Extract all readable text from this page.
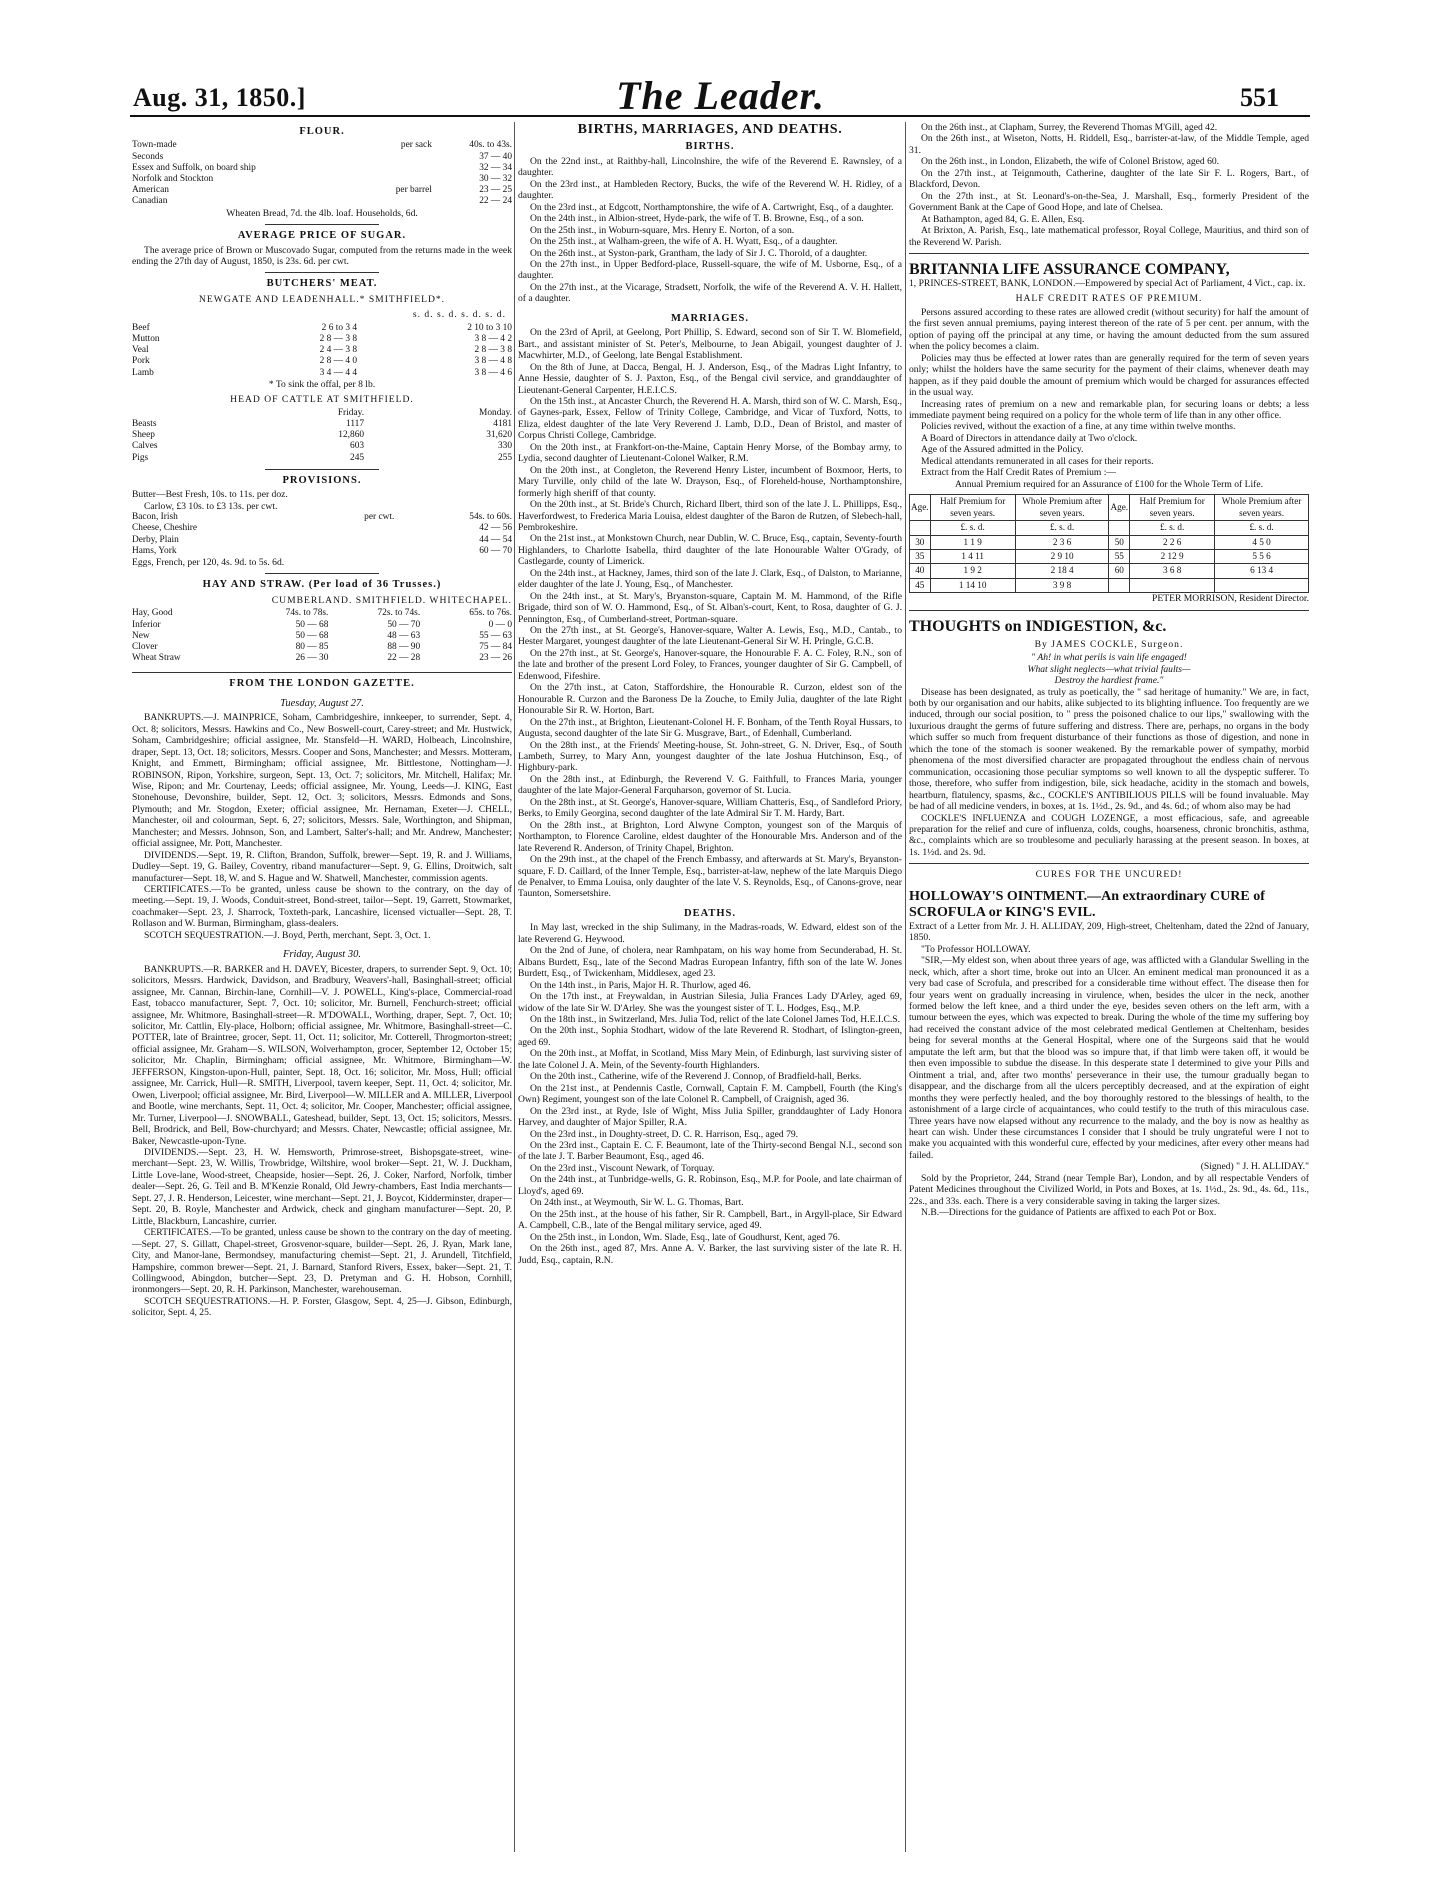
Aug. 31, 1850.]	The Leader.	551
FLOUR.
Town-made	per sack	40s. to 43s.
Seconds		37 — 40
Essex and Suffolk, on board ship		32 — 34
Norfolk and Stockton		30 — 32
American	per barrel	23 — 25
Canadian		22 — 24

Wheaten Bread, 7d. the 4lb. loaf. Households, 6d.

AVERAGE PRICE OF SUGAR.

The average price of Brown or Muscovado Sugar, computed from the returns made in the week ending the 27th day of August, 1850, is 23s. 6d. per cwt.

BUTCHERS' MEAT.
NEWGATE AND LEADENHALL.* SMITHFIELD*.
s. d. s. d. s. d. s. d.
Beef	2 6 to 3 4	2 10 to 3 10
Mutton	2 8 — 3 8	3 8 — 4 2
Veal	2 4 — 3 8	2 8 — 3 8
Pork	2 8 — 4 0	3 8 — 4 8
Lamb	3 4 — 4 4	3 8 — 4 6

* To sink the offal, per 8 lb.

HEAD OF CATTLE AT SMITHFIELD.
	Friday.	Monday.
Beasts	1117	4181
Sheep	12,860	31,620
Calves	603	330
Pigs	245	255
PROVISIONS.

Butter—Best Fresh, 10s. to 11s. per doz.

Carlow, £3 10s. to £3 13s. per cwt.

Bacon, Irish	per cwt.	54s. to 60s.
Cheese, Cheshire		42 — 56
Derby, Plain		44 — 54
Hams, York		60 — 70

Eggs, French, per 120, 4s. 9d. to 5s. 6d.

HAY AND STRAW. (Per load of 36 Trusses.)
CUMBERLAND. SMITHFIELD. WHITECHAPEL.
Hay, Good	74s. to 78s.	72s. to 74s.	65s. to 76s.
Inferior	50 — 68	50 — 70	0 — 0
New	50 — 68	48 — 63	55 — 63
Clover	80 — 85	88 — 90	75 — 84
Wheat Straw	26 — 30	22 — 28	23 — 26
FROM THE LONDON GAZETTE.
Tuesday, August 27.

BANKRUPTS.—J. MAINPRICE, Soham, Cambridgeshire, innkeeper, to surrender, Sept. 4, Oct. 8; solicitors, Messrs. Hawkins and Co., New Boswell-court, Carey-street; and Mr. Hustwick, Soham, Cambridgeshire; official assignee, Mr. Stansfeld—H. WARD, Holbeach, Lincolnshire, draper, Sept. 13, Oct. 18; solicitors, Messrs. Cooper and Sons, Manchester; and Messrs. Motteram, Knight, and Emmett, Birmingham; official assignee, Mr. Bittlestone, Nottingham—J. ROBINSON, Ripon, Yorkshire, surgeon, Sept. 13, Oct. 7; solicitors, Mr. Mitchell, Halifax; Mr. Wise, Ripon; and Mr. Courtenay, Leeds; official assignee, Mr. Young, Leeds—J. KING, East Stonehouse, Devonshire, builder, Sept. 12, Oct. 3; solicitors, Messrs. Edmonds and Sons, Plymouth; and Mr. Stogdon, Exeter; official assignee, Mr. Hernaman, Exeter—J. CHELL, Manchester, oil and colourman, Sept. 6, 27; solicitors, Messrs. Sale, Worthington, and Shipman, Manchester; and Messrs. Johnson, Son, and Lambert, Salter's-hall; and Mr. Andrew, Manchester; official assignee, Mr. Pott, Manchester.

DIVIDENDS.—Sept. 19, R. Clifton, Brandon, Suffolk, brewer—Sept. 19, R. and J. Williams, Dudley—Sept. 19, G. Bailey, Coventry, riband manufacturer—Sept. 9, G. Ellins, Droitwich, salt manufacturer—Sept. 18, W. and S. Hague and W. Shatwell, Manchester, commission agents.

CERTIFICATES.—To be granted, unless cause be shown to the contrary, on the day of meeting.—Sept. 19, J. Woods, Conduit-street, Bond-street, tailor—Sept. 19, Garrett, Stowmarket, coachmaker—Sept. 23, J. Sharrock, Toxteth-park, Lancashire, licensed victualler—Sept. 28, T. Rollason and W. Burman, Birmingham, glass-dealers.

SCOTCH SEQUESTRATION.—J. Boyd, Perth, merchant, Sept. 3, Oct. 1.

Friday, August 30.

BANKRUPTS.—R. BARKER and H. DAVEY, Bicester, drapers, to surrender Sept. 9, Oct. 10; solicitors, Messrs. Hardwick, Davidson, and Bradbury, Weavers'-hall, Basinghall-street; official assignee, Mr. Cannan, Birchin-lane, Cornhill—V. J. POWELL, King's-place, Commercial-road East, tobacco manufacturer, Sept. 7, Oct. 10; solicitor, Mr. Burnell, Fenchurch-street; official assignee, Mr. Whitmore, Basinghall-street—R. M'DOWALL, Worthing, draper, Sept. 7, Oct. 10; solicitor, Mr. Cattlin, Ely-place, Holborn; official assignee, Mr. Whitmore, Basinghall-street—C. POTTER, late of Braintree, grocer, Sept. 11, Oct. 11; solicitor, Mr. Cotterell, Throgmorton-street; official assignee, Mr. Graham—S. WILSON, Wolverhampton, grocer, September 12, October 15; solicitor, Mr. Chaplin, Birmingham; official assignee, Mr. Whitmore, Birmingham—W. JEFFERSON, Kingston-upon-Hull, painter, Sept. 18, Oct. 16; solicitor, Mr. Moss, Hull; official assignee, Mr. Carrick, Hull—R. SMITH, Liverpool, tavern keeper, Sept. 11, Oct. 4; solicitor, Mr. Owen, Liverpool; official assignee, Mr. Bird, Liverpool—W. MILLER and A. MILLER, Liverpool and Bootle, wine merchants, Sept. 11, Oct. 4; solicitor, Mr. Cooper, Manchester; official assignee, Mr. Turner, Liverpool—J. SNOWBALL, Gateshead, builder, Sept. 13, Oct. 15; solicitors, Messrs. Bell, Brodrick, and Bell, Bow-churchyard; and Messrs. Chater, Newcastle; official assignee, Mr. Baker, Newcastle-upon-Tyne.

DIVIDENDS.—Sept. 23, H. W. Hemsworth, Primrose-street, Bishopsgate-street, wine-merchant—Sept. 23, W. Willis, Trowbridge, Wiltshire, wool broker—Sept. 21, W. J. Duckham, Little Love-lane, Wood-street, Cheapside, hosier—Sept. 26, J. Coker, Narford, Norfolk, timber dealer—Sept. 26, G. Teil and B. M'Kenzie Ronald, Old Jewry-chambers, East India merchants—Sept. 27, J. R. Henderson, Leicester, wine merchant—Sept. 21, J. Boycot, Kidderminster, draper—Sept. 20, B. Royle, Manchester and Ardwick, check and gingham manufacturer—Sept. 20, P. Little, Blackburn, Lancashire, currier.

CERTIFICATES.—To be granted, unless cause be shown to the contrary on the day of meeting.—Sept. 27, S. Gillatt, Chapel-street, Grosvenor-square, builder—Sept. 26, J. Ryan, Mark lane, City, and Manor-lane, Bermondsey, manufacturing chemist—Sept. 21, J. Arundell, Titchfield, Hampshire, common brewer—Sept. 21, J. Barnard, Stanford Rivers, Essex, baker—Sept. 21, T. Collingwood, Abingdon, butcher—Sept. 23, D. Pretyman and G. H. Hobson, Cornhill, ironmongers—Sept. 20, R. H. Parkinson, Manchester, warehouseman.

SCOTCH SEQUESTRATIONS.—H. P. Forster, Glasgow, Sept. 4, 25—J. Gibson, Edinburgh, solicitor, Sept. 4, 25.

BIRTHS, MARRIAGES, AND DEATHS.
BIRTHS.

On the 22nd inst., at Raithby-hall, Lincolnshire, the wife of the Reverend E. Rawnsley, of a daughter.

On the 23rd inst., at Hambleden Rectory, Bucks, the wife of the Reverend W. H. Ridley, of a daughter.

On the 23rd inst., at Edgcott, Northamptonshire, the wife of A. Cartwright, Esq., of a daughter.

On the 24th inst., in Albion-street, Hyde-park, the wife of T. B. Browne, Esq., of a son.

On the 25th inst., in Woburn-square, Mrs. Henry E. Norton, of a son.

On the 25th inst., at Walham-green, the wife of A. H. Wyatt, Esq., of a daughter.

On the 26th inst., at Syston-park, Grantham, the lady of Sir J. C. Thorold, of a daughter.

On the 27th inst., in Upper Bedford-place, Russell-square, the wife of M. Usborne, Esq., of a daughter.

On the 27th inst., at the Vicarage, Stradsett, Norfolk, the wife of the Reverend A. V. H. Hallett, of a daughter.

MARRIAGES.

On the 23rd of April, at Geelong, Port Phillip, S. Edward, second son of Sir T. W. Blomefield, Bart., and assistant minister of St. Peter's, Melbourne, to Jean Abigail, youngest daughter of J. Macwhirter, M.D., of Geelong, late Bengal Establishment.

On the 8th of June, at Dacca, Bengal, H. J. Anderson, Esq., of the Madras Light Infantry, to Anne Hessie, daughter of S. J. Paxton, Esq., of the Bengal civil service, and granddaughter of Lieutenant-General Carpenter, H.E.I.C.S.

On the 15th inst., at Ancaster Church, the Reverend H. A. Marsh, third son of W. C. Marsh, Esq., of Gaynes-park, Essex, Fellow of Trinity College, Cambridge, and Vicar of Tuxford, Notts, to Eliza, eldest daughter of the late Very Reverend J. Lamb, D.D., Dean of Bristol, and master of Corpus Christi College, Cambridge.

On the 20th inst., at Frankfort-on-the-Maine, Captain Henry Morse, of the Bombay army, to Lydia, second daughter of Lieutenant-Colonel Walker, R.M.

On the 20th inst., at Congleton, the Reverend Henry Lister, incumbent of Boxmoor, Herts, to Mary Turville, only child of the late W. Drayson, Esq., of Floreheld-house, Northamptonshire, formerly high sheriff of that county.

On the 20th inst., at St. Bride's Church, Richard Ilbert, third son of the late J. L. Phillipps, Esq., Haverfordwest, to Frederica Maria Louisa, eldest daughter of the Baron de Rutzen, of Slebech-hall, Pembrokeshire.

On the 21st inst., at Monkstown Church, near Dublin, W. C. Bruce, Esq., captain, Seventy-fourth Highlanders, to Charlotte Isabella, third daughter of the late Honourable Walter O'Grady, of Castlegarde, county of Limerick.

On the 24th inst., at Hackney, James, third son of the late J. Clark, Esq., of Dalston, to Marianne, elder daughter of the late J. Young, Esq., of Manchester.

On the 24th inst., at St. Mary's, Bryanston-square, Captain M. M. Hammond, of the Rifle Brigade, third son of W. O. Hammond, Esq., of St. Alban's-court, Kent, to Rosa, daughter of G. J. Pennington, Esq., of Cumberland-street, Portman-square.

On the 27th inst., at St. George's, Hanover-square, Walter A. Lewis, Esq., M.D., Cantab., to Hester Margaret, youngest daughter of the late Lieutenant-General Sir W. H. Pringle, G.C.B.

On the 27th inst., at St. George's, Hanover-square, the Honourable F. A. C. Foley, R.N., son of the late and brother of the present Lord Foley, to Frances, younger daughter of Sir G. Campbell, of Edenwood, Fifeshire.

On the 27th inst., at Caton, Staffordshire, the Honourable R. Curzon, eldest son of the Honourable R. Curzon and the Baroness De la Zouche, to Emily Julia, daughter of the late Right Honourable Sir R. W. Horton, Bart.

On the 27th inst., at Brighton, Lieutenant-Colonel H. F. Bonham, of the Tenth Royal Hussars, to Augusta, second daughter of the late Sir G. Musgrave, Bart., of Edenhall, Cumberland.

On the 28th inst., at the Friends' Meeting-house, St. John-street, G. N. Driver, Esq., of South Lambeth, Surrey, to Mary Ann, youngest daughter of the late Joshua Hutchinson, Esq., of Highbury-park.

On the 28th inst., at Edinburgh, the Reverend V. G. Faithfull, to Frances Maria, younger daughter of the late Major-General Farquharson, governor of St. Lucia.

On the 28th inst., at St. George's, Hanover-square, William Chatteris, Esq., of Sandleford Priory, Berks, to Emily Georgina, second daughter of the late Admiral Sir T. M. Hardy, Bart.

On the 28th inst., at Brighton, Lord Alwyne Compton, youngest son of the Marquis of Northampton, to Florence Caroline, eldest daughter of the Honourable Mrs. Anderson and of the late Reverend R. Anderson, of Trinity Chapel, Brighton.

On the 29th inst., at the chapel of the French Embassy, and afterwards at St. Mary's, Bryanston-square, F. D. Caillard, of the Inner Temple, Esq., barrister-at-law, nephew of the late Marquis Diego de Penalver, to Emma Louisa, only daughter of the late V. S. Reynolds, Esq., of Canons-grove, near Taunton, Somersetshire.

DEATHS.

In May last, wrecked in the ship Sulimany, in the Madras-roads, W. Edward, eldest son of the late Reverend G. Heywood.

On the 2nd of June, of cholera, near Ramhpatam, on his way home from Secunderabad, H. St. Albans Burdett, Esq., late of the Second Madras European Infantry, fifth son of the late W. Jones Burdett, Esq., of Twickenham, Middlesex, aged 23.

On the 14th inst., in Paris, Major H. R. Thurlow, aged 46.

On the 17th inst., at Freywaldan, in Austrian Silesia, Julia Frances Lady D'Arley, aged 69, widow of the late Sir W. D'Arley. She was the youngest sister of T. L. Hodges, Esq., M.P.

On the 18th inst., in Switzerland, Mrs. Julia Tod, relict of the late Colonel James Tod, H.E.I.C.S.

On the 20th inst., Sophia Stodhart, widow of the late Reverend R. Stodhart, of Islington-green, aged 69.

On the 20th inst., at Moffat, in Scotland, Miss Mary Mein, of Edinburgh, last surviving sister of the late Colonel J. A. Mein, of the Seventy-fourth Highlanders.

On the 20th inst., Catherine, wife of the Reverend J. Connop, of Bradfield-hall, Berks.

On the 21st inst., at Pendennis Castle, Cornwall, Captain F. M. Campbell, Fourth (the King's Own) Regiment, youngest son of the late Colonel R. Campbell, of Craignish, aged 36.

On the 23rd inst., at Ryde, Isle of Wight, Miss Julia Spiller, granddaughter of Lady Honora Harvey, and daughter of Major Spiller, R.A.

On the 23rd inst., in Doughty-street, D. C. R. Harrison, Esq., aged 79.

On the 23rd inst., Captain E. C. F. Beaumont, late of the Thirty-second Bengal N.I., second son of the late J. T. Barber Beaumont, Esq., aged 46.

On the 23rd inst., Viscount Newark, of Torquay.

On the 24th inst., at Tunbridge-wells, G. R. Robinson, Esq., M.P. for Poole, and late chairman of Lloyd's, aged 69.

On 24th inst., at Weymouth, Sir W. L. G. Thomas, Bart.

On the 25th inst., at the house of his father, Sir R. Campbell, Bart., in Argyll-place, Sir Edward A. Campbell, C.B., late of the Bengal military service, aged 49.

On the 25th inst., in London, Wm. Slade, Esq., late of Goudhurst, Kent, aged 76.

On the 26th inst., aged 87, Mrs. Anne A. V. Barker, the last surviving sister of the late R. H. Judd, Esq., captain, R.N.

On the 26th inst., at Clapham, Surrey, the Reverend Thomas M'Gill, aged 42.

On the 26th inst., at Wiseton, Notts, H. Riddell, Esq., barrister-at-law, of the Middle Temple, aged 31.

On the 26th inst., in London, Elizabeth, the wife of Colonel Bristow, aged 60.

On the 27th inst., at Teignmouth, Catherine, daughter of the late Sir F. L. Rogers, Bart., of Blackford, Devon.

On the 27th inst., at St. Leonard's-on-the-Sea, J. Marshall, Esq., formerly President of the Government Bank at the Cape of Good Hope, and late of Chelsea.

At Bathampton, aged 84, G. E. Allen, Esq.

At Brixton, A. Parish, Esq., late mathematical professor, Royal College, Mauritius, and third son of the Reverend W. Parish.

BRITANNIA LIFE ASSURANCE COMPANY,

1, PRINCES-STREET, BANK, LONDON.—Empowered by special Act of Parliament, 4 Vict., cap. ix.

HALF CREDIT RATES OF PREMIUM.

Persons assured according to these rates are allowed credit (without security) for half the amount of the first seven annual premiums, paying interest thereon of the rate of 5 per cent. per annum, with the option of paying off the principal at any time, or having the amount deducted from the sum assured when the policy becomes a claim.

Policies may thus be effected at lower rates than are generally required for the term of seven years only; whilst the holders have the same security for the payment of their claims, whenever death may happen, as if they paid double the amount of premium which would be charged for assurances effected in the usual way.

Increasing rates of premium on a new and remarkable plan, for securing loans or debts; a less immediate payment being required on a policy for the whole term of life than in any other office.

Policies revived, without the exaction of a fine, at any time within twelve months.

A Board of Directors in attendance daily at Two o'clock.

Age of the Assured admitted in the Policy.

Medical attendants remunerated in all cases for their reports.

Extract from the Half Credit Rates of Premium :—

Annual Premium required for an Assurance of £100 for the Whole Term of Life.

Age.	Half Premium for seven years.	Whole Premium after seven years.	Age.	Half Premium for seven years.	Whole Premium after seven years.
	£. s. d.	£. s. d.		£. s. d.	£. s. d.
30	1 1 9	2 3 6	50	2 2 6	4 5 0
35	1 4 11	2 9 10	55	2 12 9	5 5 6
40	1 9 2	2 18 4	60	3 6 8	6 13 4
45	1 14 10	3 9 8			
PETER MORRISON, Resident Director.
THOUGHTS on INDIGESTION, &c.
By JAMES COCKLE, Surgeon.

" Ah! in what perils is vain life engaged!

What slight neglects—what trivial faults—

Destroy the hardiest frame."

Disease has been designated, as truly as poetically, the " sad heritage of humanity." We are, in fact, both by our organisation and our habits, alike subjected to its blighting influence. Too frequently are we induced, through our social position, to " press the poisoned chalice to our lips," swallowing with the luxurious draught the germs of future suffering and distress. There are, perhaps, no organs in the body which suffer so much from frequent disturbance of their functions as those of digestion, and none in which the tone of the stomach is sooner weakened. By the remarkable power of sympathy, morbid phenomena of the most diversified character are propagated throughout the endless chain of nervous communication, occasioning those peculiar symptoms so well known to all the dyspeptic sufferer. To those, therefore, who suffer from indigestion, bile, sick headache, acidity in the stomach and bowels, heartburn, flatulency, spasms, &c., COCKLE'S ANTIBILIOUS PILLS will be found invaluable. May be had of all medicine venders, in boxes, at 1s. 1½d., 2s. 9d., and 4s. 6d.; of whom also may be had

COCKLE'S INFLUENZA and COUGH LOZENGE, a most efficacious, safe, and agreeable preparation for the relief and cure of influenza, colds, coughs, hoarseness, chronic bronchitis, asthma, &c., complaints which are so troublesome and peculiarly harassing at the present season. In boxes, at 1s. 1½d. and 2s. 9d.

CURES FOR THE UNCURED!
HOLLOWAY'S OINTMENT.—An extraordinary CURE of SCROFULA or KING'S EVIL.

Extract of a Letter from Mr. J. H. ALLIDAY, 209, High-street, Cheltenham, dated the 22nd of January, 1850.

"To Professor HOLLOWAY.

"SIR,—My eldest son, when about three years of age, was afflicted with a Glandular Swelling in the neck, which, after a short time, broke out into an Ulcer. An eminent medical man pronounced it as a very bad case of Scrofula, and prescribed for a considerable time without effect. The disease then for four years went on gradually increasing in virulence, when, besides the ulcer in the neck, another formed below the left knee, and a third under the eye, besides seven others on the left arm, with a tumour between the eyes, which was expected to break. During the whole of the time my suffering boy had received the constant advice of the most celebrated medical Gentlemen at Cheltenham, besides being for several months at the General Hospital, where one of the Surgeons said that he would amputate the left arm, but that the blood was so impure that, if that limb were taken off, it would be then even impossible to subdue the disease. In this desperate state I determined to give your Pills and Ointment a trial, and, after two months' perseverance in their use, the tumour gradually began to disappear, and the discharge from all the ulcers perceptibly decreased, and at the expiration of eight months they were perfectly healed, and the boy thoroughly restored to the blessings of health, to the astonishment of a large circle of acquaintances, who could testify to the truth of this miraculous case. Three years have now elapsed without any recurrence to the malady, and the boy is now as healthy as heart can wish. Under these circumstances I consider that I should be truly ungrateful were I not to make you acquainted with this wonderful cure, effected by your medicines, after every other means had failed.

(Signed) " J. H. ALLIDAY."

Sold by the Proprietor, 244, Strand (near Temple Bar), London, and by all respectable Venders of Patent Medicines throughout the Civilized World, in Pots and Boxes, at 1s. 1½d., 2s. 9d., 4s. 6d., 11s., 22s., and 33s. each. There is a very considerable saving in taking the larger sizes.

N.B.—Directions for the guidance of Patients are affixed to each Pot or Box.
